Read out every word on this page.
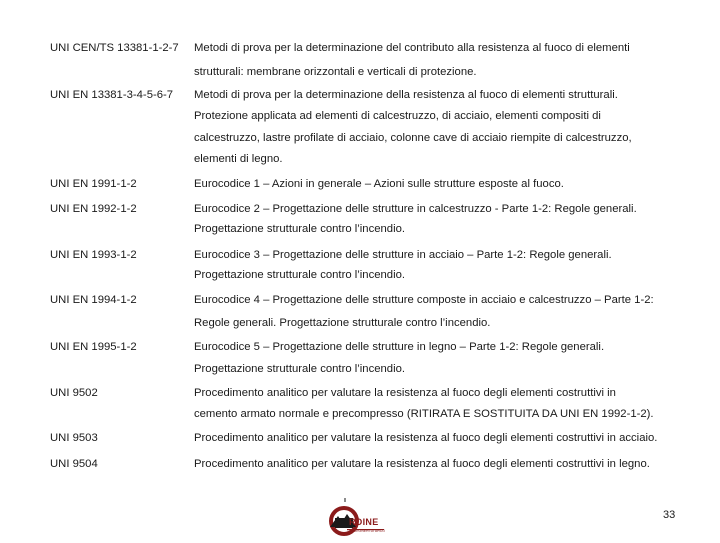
UNI CEN/TS 13381-1-2-7 Metodi di prova per la determinazione del contributo alla resistenza al fuoco di elementi
strutturali: membrane orizzontali e verticali di protezione.
UNI EN 13381-3-4-5-6-7 Metodi di prova per la determinazione della resistenza al fuoco di elementi strutturali.
Protezione applicata ad elementi di calcestruzzo, di acciaio, elementi compositi di
calcestruzzo, lastre profilate di acciaio, colonne cave di acciaio riempite di calcestruzzo,
elementi di legno.
UNI EN 1991-1-2	Eurocodice 1 – Azioni in generale – Azioni sulle strutture esposte al fuoco.
UNI EN 1992-1-2	Eurocodice 2 – Progettazione delle strutture in calcestruzzo - Parte 1-2: Regole generali.
Progettazione strutturale contro l’incendio.
UNI EN 1993-1-2	Eurocodice 3 – Progettazione delle strutture in acciaio – Parte 1-2: Regole generali.
Progettazione strutturale contro l’incendio.
UNI EN 1994-1-2	Eurocodice 4 – Progettazione delle strutture composte in acciaio e calcestruzzo – Parte 1-2:
Regole generali. Progettazione strutturale contro l’incendio.
UNI EN 1995-1-2	Eurocodice 5 – Progettazione delle strutture in legno – Parte 1-2: Regole generali.
Progettazione strutturale contro l’incendio.
UNI 9502	Procedimento analitico per valutare la resistenza al fuoco degli elementi costruttivi in
cemento armato normale e precompresso (RITIRATA E SOSTITUITA DA UNI EN 1992-1-2).
UNI 9503	Procedimento analitico per valutare la resistenza al fuoco degli elementi costruttivi in acciaio.
UNI 9504	Procedimento analitico per valutare la resistenza al fuoco degli elementi costruttivi in legno.
RDINE
INGEGNERI DI ARCO
33
